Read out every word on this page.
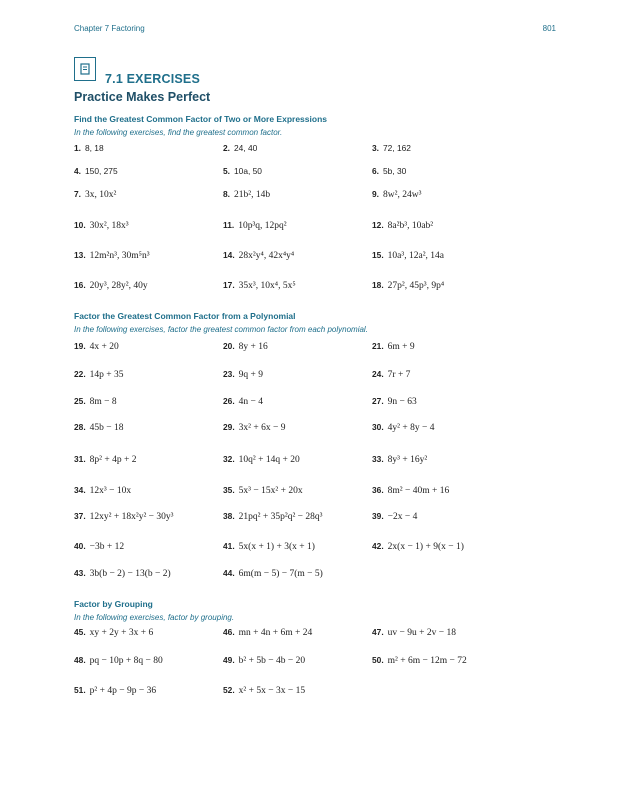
Chapter 7 Factoring	801
7.1 EXERCISES
Practice Makes Perfect
Find the Greatest Common Factor of Two or More Expressions
In the following exercises, find the greatest common factor.
1. 8, 18	2. 24, 40	3. 72, 162
4. 150, 275	5. 10a, 50	6. 5b, 30
7. 3x, 10x²	8. 21b², 14b	9. 8w², 24w³
10. 30x², 18x³	11. 10p³q, 12pq²	12. 8a²b³, 10ab²
13. 12m²n³, 30m⁵n³	14. 28x²y⁴, 42x⁴y⁴	15. 10a³, 12a², 14a
16. 20y³, 28y², 40y	17. 35x³, 10x⁴, 5x⁵	18. 27p², 45p³, 9p⁴
Factor the Greatest Common Factor from a Polynomial
In the following exercises, factor the greatest common factor from each polynomial.
19. 4x + 20	20. 8y + 16	21. 6m + 9
22. 14p + 35	23. 9q + 9	24. 7r + 7
25. 8m − 8	26. 4n − 4	27. 9n − 63
28. 45b − 18	29. 3x² + 6x − 9	30. 4y² + 8y − 4
31. 8p² + 4p + 2	32. 10q² + 14q + 20	33. 8y³ + 16y²
34. 12x³ − 10x	35. 5x³ − 15x² + 20x	36. 8m² − 40m + 16
37. 12xy² + 18x²y² − 30y³	38. 21pq² + 35p²q² − 28q³	39. −2x − 4
40. −3b + 12	41. 5x(x + 1) + 3(x + 1)	42. 2x(x − 1) + 9(x − 1)
43. 3b(b − 2) − 13(b − 2)	44. 6m(m − 5) − 7(m − 5)
Factor by Grouping
In the following exercises, factor by grouping.
45. xy + 2y + 3x + 6	46. mn + 4n + 6m + 24	47. uv − 9u + 2v − 18
48. pq − 10p + 8q − 80	49. b² + 5b − 4b − 20	50. m² + 6m − 12m − 72
51. p² + 4p − 9p − 36	52. x² + 5x − 3x − 15
